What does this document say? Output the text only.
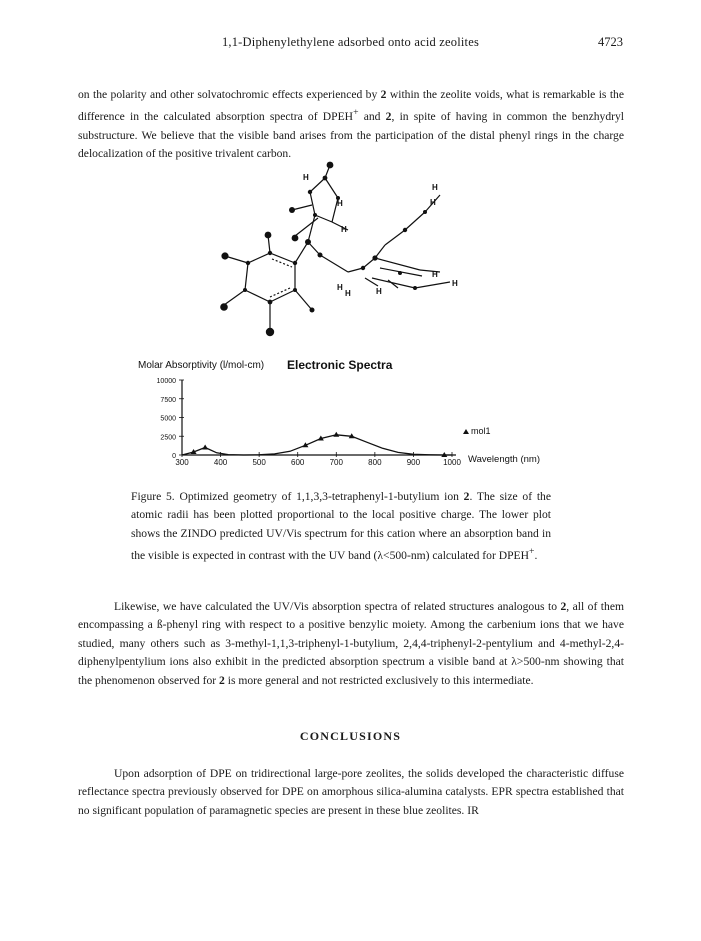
1,1-Diphenylethylene adsorbed onto acid zeolites	4723

on the polarity and other solvatochromic effects experienced by 2 within the zeolite voids, what is remarkable is the difference in the calculated absorption spectra of DPEH+ and 2, in spite of having in common the benzhydryl substructure. We believe that the visible band arises from the participation of the distal phenyl rings in the charge delocalization of the positive trivalent carbon.

H
H
H
H
H
H
H	H
H
H
Molar Absorptivity (l/mol-cm) Electronic Spectra
300	400	500	600	700	800	900	1000
0
2500
5000
7500
10000
mol1
Wavelength (nm)

Figure 5. Optimized geometry of 1,1,3,3-tetraphenyl-1-butylium ion 2. The size of the atomic radii has been plotted proportional to the local positive charge. The lower plot shows the ZINDO predicted UV/Vis spectrum for this cation where an absorption band in the visible is expected in contrast with the UV band (λ<500-nm) calculated for DPEH+.

Likewise, we have calculated the UV/Vis absorption spectra of related structures analogous to 2, all of them encompassing a ß-phenyl ring with respect to a positive benzylic moiety. Among the carbenium ions that we have studied, many others such as 3-methyl-1,1,3-triphenyl-1-butylium, 2,4,4-triphenyl-2-pentylium and 4-methyl-2,4-diphenylpentylium ions also exhibit in the predicted absorption spectrum a visible band at λ>500-nm showing that the phenomenon observed for 2 is more general and not restricted exclusively to this intermediate.

CONCLUSIONS

Upon adsorption of DPE on tridirectional large-pore zeolites, the solids developed the characteristic diffuse reflectance spectra previously observed for DPE on amorphous silica-alumina catalysts. EPR spectra established that no significant population of paramagnetic species are present in these blue zeolites. IR
